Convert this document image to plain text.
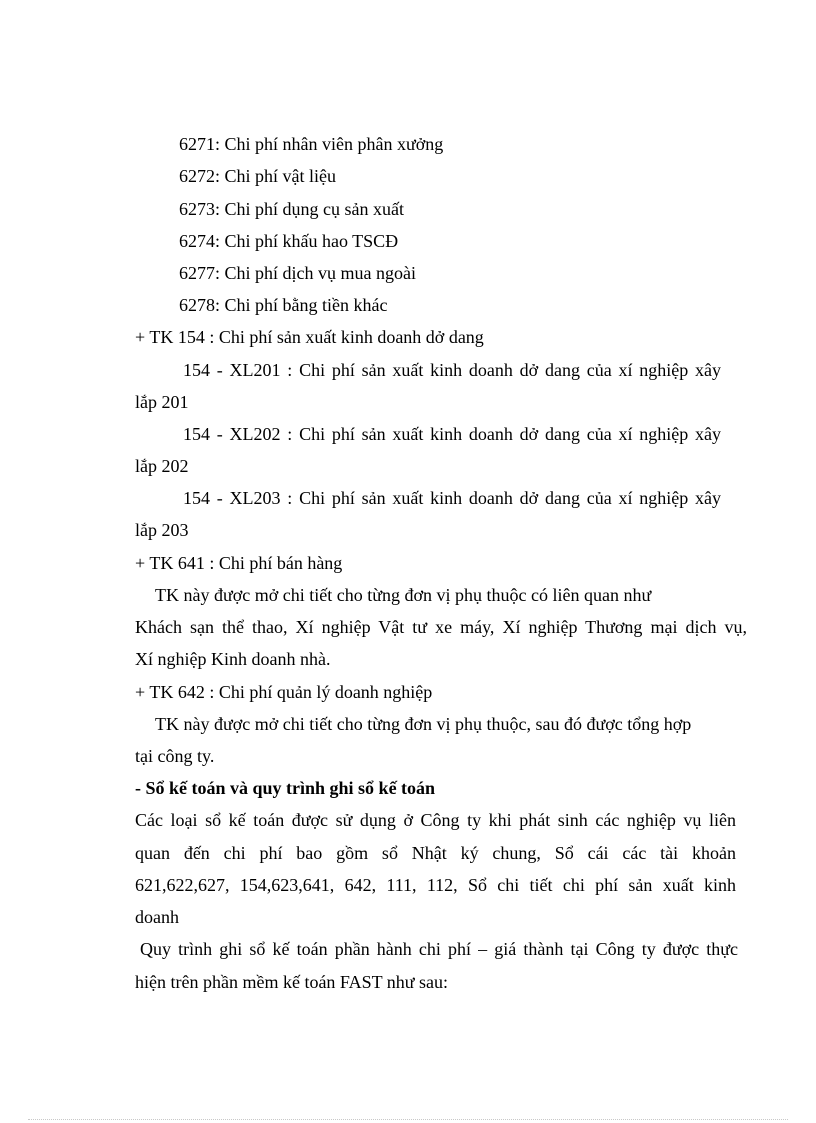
6271: Chi phí nhân viên phân xưởng
6272: Chi phí vật liệu
6273: Chi phí dụng cụ sản xuất
6274: Chi phí khấu hao TSCĐ
6277: Chi phí dịch vụ mua ngoài
6278: Chi phí bằng tiền khác
+ TK 154 : Chi phí sản xuất kinh doanh dở dang
154 - XL201 : Chi phí sản xuất kinh doanh dở dang của xí nghiệp xây
lắp 201
154 - XL202 : Chi phí sản xuất kinh doanh dở dang của xí nghiệp xây
lắp 202
154 - XL203 : Chi phí sản xuất kinh doanh dở dang của xí nghiệp xây
lắp 203
+ TK 641 : Chi phí bán hàng
TK này được mở chi tiết cho từng đơn vị phụ thuộc có liên quan như
Khách sạn thể thao, Xí nghiệp Vật tư xe máy, Xí nghiệp Thương mại dịch vụ,
Xí nghiệp Kinh doanh nhà.
+ TK 642 : Chi phí quản lý doanh nghiệp
TK này được mở chi tiết cho từng đơn vị phụ thuộc, sau đó được tổng hợp
tại công ty.
- Sổ kế toán và quy trình ghi sổ kế toán
Các loại sổ kế toán được sử dụng ở Công ty khi phát sinh các nghiệp vụ liên
quan đến chi phí bao gồm sổ Nhật ký chung, Sổ cái các tài khoản
621,622,627, 154,623,641, 642, 111, 112, Sổ chi tiết chi phí sản xuất kinh
doanh
Quy trình ghi sổ kế toán phần hành chi phí – giá thành tại Công ty được thực
hiện trên phần mềm kế toán FAST như sau:
